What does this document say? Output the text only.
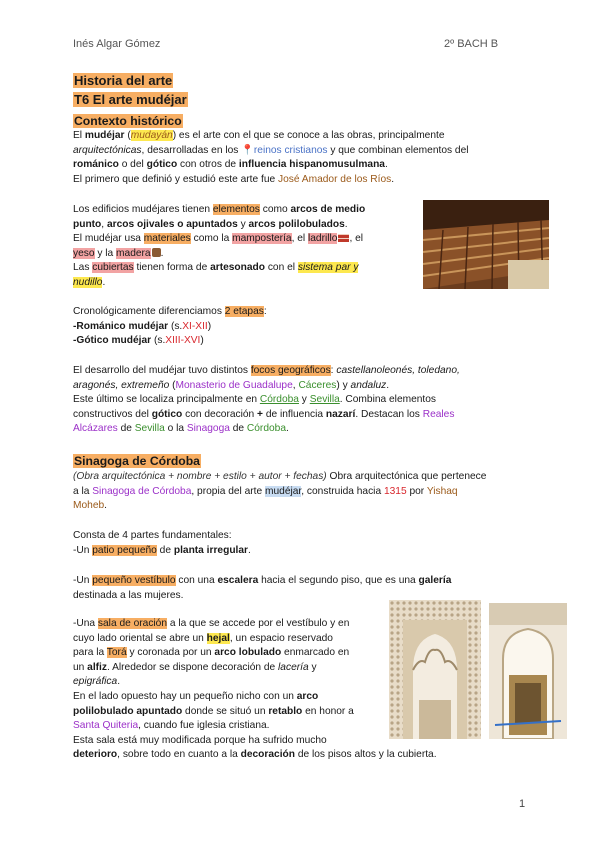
Inés Algar Gómez	2º BACH B
Historia del arte
T6 El arte mudéjar
Contexto histórico
El mudéjar (mudayán) es el arte con el que se conoce a las obras, principalmente
arquitectónicas, desarrolladas en los 📍reinos cristianos y que combinan elementos del
románico o del gótico con otros de influencia hispanomusulmana.
El primero que definió y estudió este arte fue José Amador de los Ríos.
Los edificios mudéjares tienen elementos como arcos de medio
punto, arcos ojivales o apuntados y arcos polilobulados.
El mudéjar usa materiales como la mampostería, el ladrillo , el
yeso y la madera .
Las cubiertas tienen forma de artesonado con el sistema par y
nudillo.
Cronológicamente diferenciamos 2 etapas:
-Románico mudéjar (s.XI-XII)
-Gótico mudéjar (s.XIII-XVI)
El desarrollo del mudéjar tuvo distintos focos geográficos: castellanoleonés, toledano,
aragonés, extremeño (Monasterio de Guadalupe, Cáceres) y andaluz.
Este último se localiza principalmente en Córdoba y Sevilla. Combina elementos
constructivos del gótico con decoración + de influencia nazarí. Destacan los Reales
Alcázares de Sevilla o la Sinagoga de Córdoba.
Sinagoga de Córdoba
(Obra arquitectónica + nombre + estilo + autor + fechas) Obra arquitectónica que pertenece
a la Sinagoga de Córdoba, propia del arte mudéjar, construida hacia 1315 por Yishaq
Moheb.
Consta de 4 partes fundamentales:
-Un patio pequeño de planta irregular.
-Un pequeño vestíbulo con una escalera hacia el segundo piso, que es una galería
destinada a las mujeres.
-Una sala de oración a la que se accede por el vestíbulo y en
cuyo lado oriental se abre un hejal, un espacio reservado
para la Torá y coronada por un arco lobulado enmarcado en
un alfiz. Alrededor se dispone decoración de lacería y
epigráfica.
En el lado opuesto hay un pequeño nicho con un arco
polilobulado apuntado donde se situó un retablo en honor a
Santa Quiteria, cuando fue iglesia cristiana.
Esta sala está muy modificada porque ha sufrido mucho
deterioro, sobre todo en cuanto a la decoración de los pisos altos y la cubierta.
1
